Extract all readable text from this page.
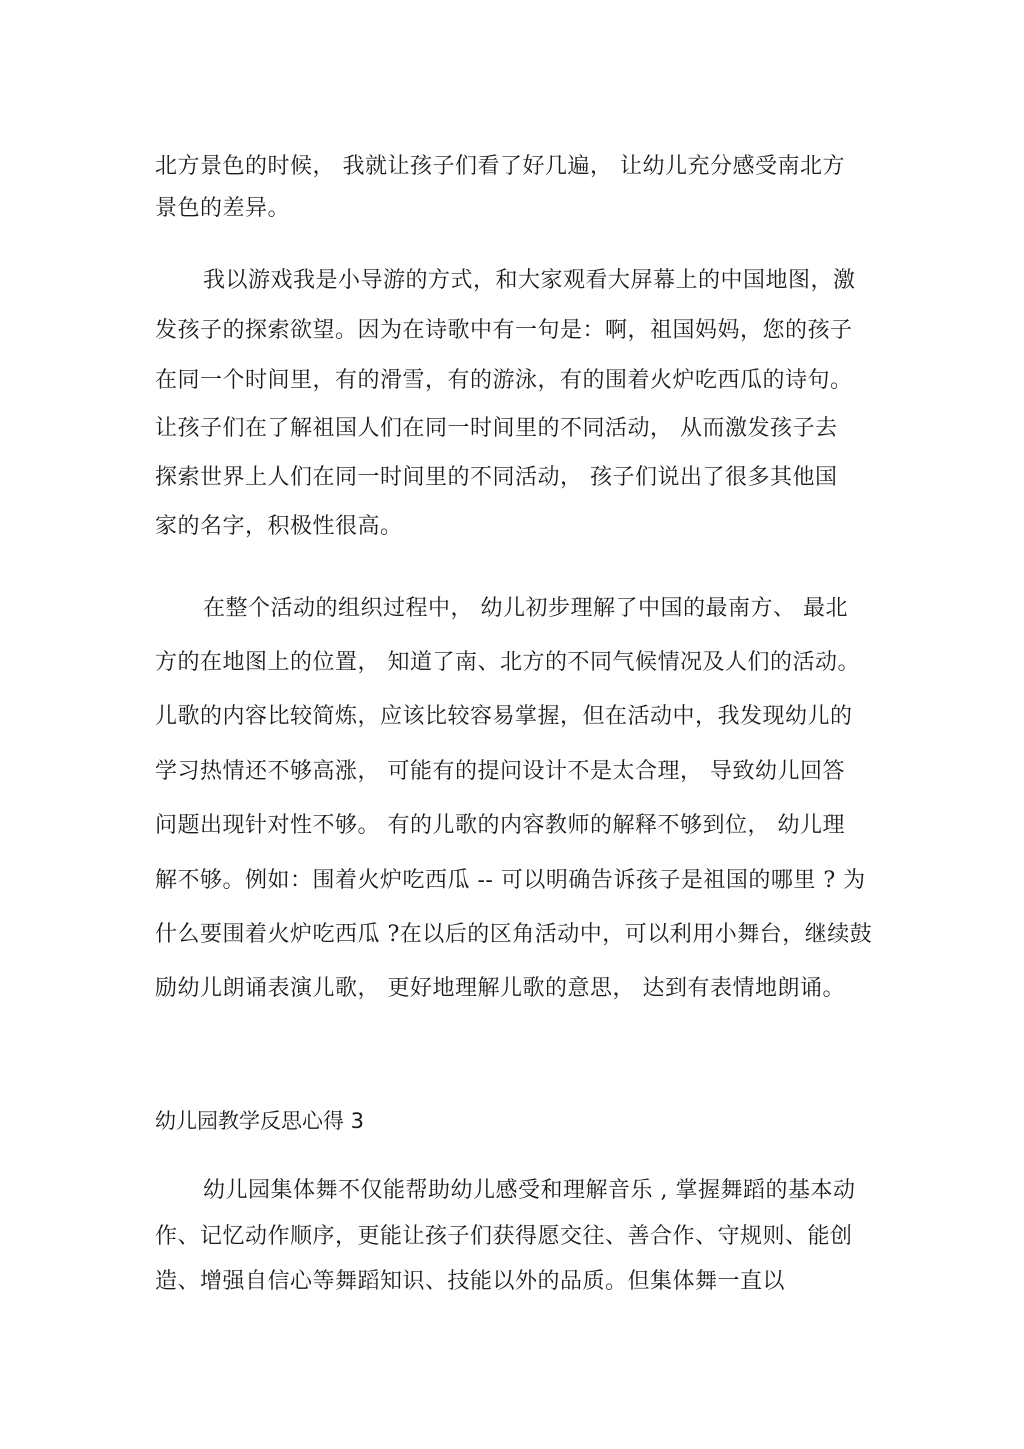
北方景色的时候， 我就让孩子们看了好几遍， 让幼儿充分感受南北方
景色的差异。
我以游戏我是小导游的方式，和大家观看大屏幕上的中国地图，激
发孩子的探索欲望。因为在诗歌中有一句是：啊，祖国妈妈，您的孩子
在同一个时间里，有的滑雪，有的游泳，有的围着火炉吃西瓜的诗句。
让孩子们在了解祖国人们在同一时间里的不同活动， 从而激发孩子去
探索世界上人们在同一时间里的不同活动， 孩子们说出了很多其他国
家的名字，积极性很高。
在整个活动的组织过程中， 幼儿初步理解了中国的最南方、 最北
方的在地图上的位置， 知道了南、北方的不同气候情况及人们的活动。
儿歌的内容比较简炼，应该比较容易掌握，但在活动中，我发现幼儿的
学习热情还不够高涨， 可能有的提问设计不是太合理， 导致幼儿回答
问题出现针对性不够。 有的儿歌的内容教师的解释不够到位， 幼儿理
解不够。例如：围着火炉吃西瓜 -- 可以明确告诉孩子是祖国的哪里 ? 为
什么要围着火炉吃西瓜 ?在以后的区角活动中，可以利用小舞台，继续鼓
励幼儿朗诵表演儿歌， 更好地理解儿歌的意思， 达到有表情地朗诵。
幼儿园教学反思心得 3
幼儿园集体舞不仅能帮助幼儿感受和理解音乐 , 掌握舞蹈的基本动
作、记忆动作顺序，更能让孩子们获得愿交往、善合作、守规则、能创
造、增强自信心等舞蹈知识、技能以外的品质。但集体舞一直以
